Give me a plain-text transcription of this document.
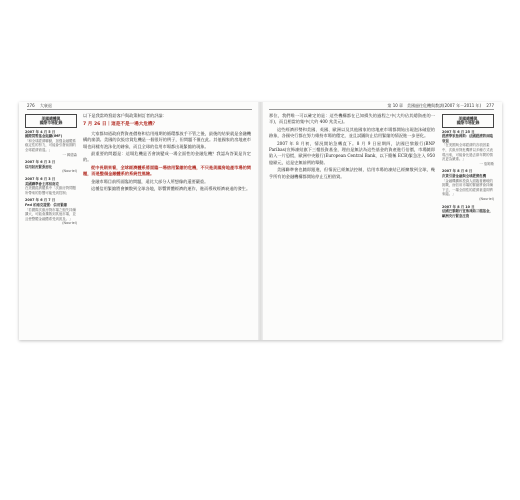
276 大衰退
美國總體與
國際市場記錄
2007 年 4 月 5 日
國際貨幣基金組織(IMF)
「和全球經濟聯動，加強金融體系稳定性的努力，可能會引發前期的全球經濟衰退。」
一 韓德森
2007 年 6 月 3 日
信用狀況緊張惡化
(Nouriel)
2007 年 6 月 3 日
美國聯準會主席柏南克
在美國經濟體系中「次級房貸問題所帶來的影響可能受到控制」
2007 年 6 月 7 日
Fed 柏南克證實：信用緊縮
「若國際次級房貸市場之損失持續擴大，可能會擴散到其他市場，並且使整體金融體系受到波及。」
(Nouriel)

以下是我當時寫給客戶與政策制訂者的評論：

7 月 26 日｜這是不是一場大危機？

大家都知道政府對資產價格和信用週期的循環都放手不管之後，最後的結果就是金融機構的崩潰。美國的次級房貸危機是一個很好的例子，但問題不僅在此。其他國家的房地產市場也同樣有泡沫化的跡象，而且全球的信用市場都出現緊縮的現象。

最重要的問題是：這場危機是否會演變成一場全面性的金融危機？我認為答案是肯定的。

從中長期來看，全球經濟體系將面臨一場信用緊縮的危機，不只是美國房地產市場的問題，而是整個金融體系的系統性風險。

金融市場目前所面臨的問題，遠比大部分人所想像的還要嚴重。

這種信用緊縮將會擴散到全球各地，影響實體經濟的運作，進而導致經濟衰退的發生。

第 10 章　美國過往危機與教訓(2007 年－2011 年) 277

那位，我們唯一可以確定的是：這些機構都在已知損失的過程之中(大約佔其總資產的一半)，而且相當的集中(大約 400 兆美元)。

這些經濟形勢和美國、英國、歐洲以及其他國家的房地產市場都開始出現泡沫破裂的跡象，各國央行都在努力維持市場的穩定，並且試圖防止信用緊縮的情況進一步惡化。

2007 年 8 月初，情況開始急轉直下。8 月 9 日星期四，法國巴黎銀行(BNP Paribas)宣佈凍結旗下三檔投資基金，理由是無法為這些基金的資產進行估價，市場隨即陷入一片恐慌，歐洲中央銀行(European Central Bank，以下簡稱 ECB)緊急注入 950 億歐元，這是史無前例的舉動。

美國聯準會也隨即跟進，但情況已經無法控制，信用市場的凍結已經擴散到全球，幾乎所有的金融機構都開始停止互相借貸。

美國總體與
國際市場記錄
2007 年 6 月 25 日
經濟學家詹姆斯：法國經濟將面臨衰退
「在美國與全球經濟的各項因素中，次級房貸危機將以多種方式表現出來，可能會比過去兩年間的情況更為嚴重。」
一 詹姆斯
2007 年 8 月 6 日
次貸引發金融與全球經濟危機
「金融機構和投資人面臨著嚴峻的挑戰，而信用市場的緊縮將會持續下去，一場全面性的經濟衰退即將來臨。」
(Nouriel)
2007 年 8 月 10 日
法國巴黎銀行宣佈凍結三檔基金，歐洲央行緊急注資
